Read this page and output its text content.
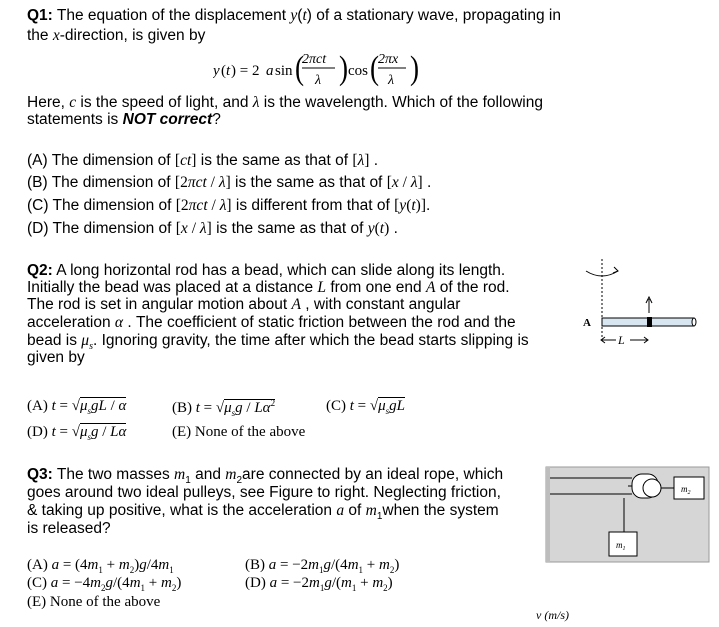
Q1: The equation of the displacement y(t) of a stationary wave, propagating in
the x-direction, is given by
y ( t ) = 2 a sin (
2πct
λ ) cos (
2πx
λ )
Here, c is the speed of light, and λ is the wavelength. Which of the following
statements is NOT correct?
(A) The dimension of [ct] is the same as that of [λ] .
(B) The dimension of [2πct / λ] is the same as that of [x / λ] .
(C) The dimension of [2πct / λ] is different from that of [y(t)].
(D) The dimension of [x / λ] is the same as that of y(t) .
Q2: A long horizontal rod has a bead, which can slide along its length.
Initially the bead was placed at a distance L from one end A of the rod.
The rod is set in angular motion about A , with constant angular
acceleration α . The coefficient of static friction between the rod and the
bead is $\mu_s$. Ignoring gravity, the time after which the bead starts slipping is
given by
(A) $t = √\mu_sgL / \alpha$	(B) $t = √\mu_sg / L\alpha^2$	(C) $t = √\mu_sgL$
(D) $t = √\mu_sg / L\alpha$	(E) None of the above
L
A
Q3: The two masses $m_1$ and $m_2are$ connected by an ideal rope, which
goes around two ideal pulleys, see Figure to right. Neglecting friction,
& taking up positive, what is the acceleration a of $m_1when$ the system
is released?
(A) $a = (4m_1 + m_2)g/4m_1$	(B) $a = -2m_1g/(4m_1 + m_2)$
(C) $a = -4m_2g/(4m_1 + m_2)$	(D) $a = -2m_1g/(m_1 + m_2)$
(E) None of the above
$m_2$
$m_1$
v (m/s)
